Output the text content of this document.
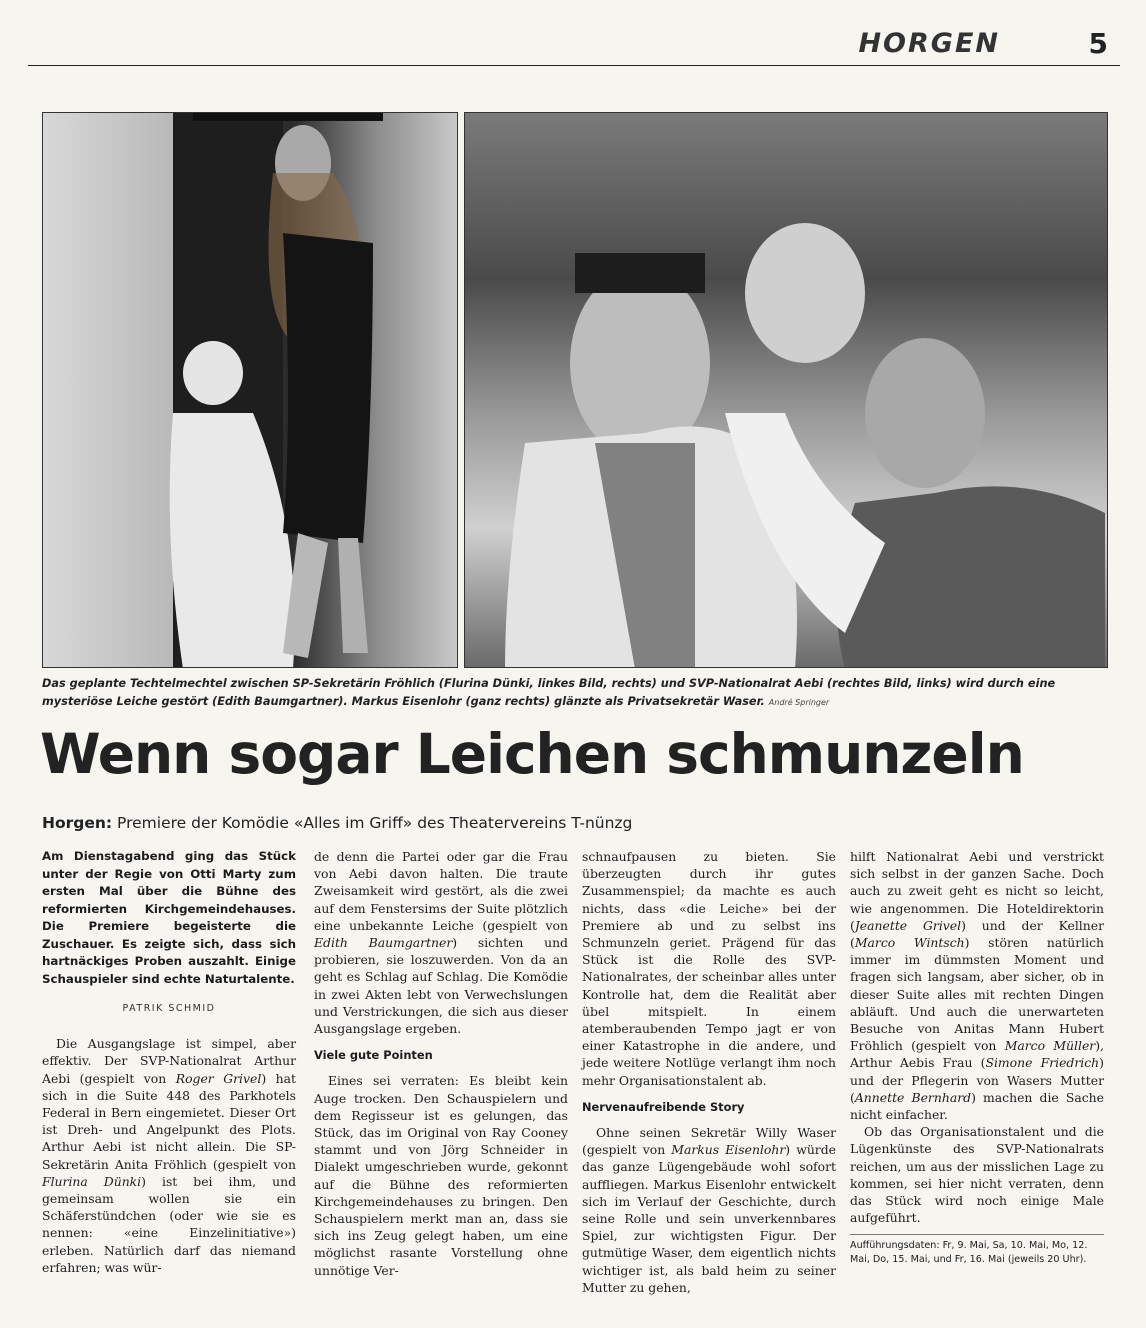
HORGEN	5
Das geplante Techtelmechtel zwischen SP-Sekretärin Fröhlich (Flurina Dünki, linkes Bild, rechts) und SVP-Nationalrat Aebi (rechtes Bild, links) wird durch eine mysteriöse Leiche gestört (Edith Baumgartner). Markus Eisenlohr (ganz rechts) glänzte als Privatsekretär Waser. André Springer
Wenn sogar Leichen schmunzeln
Horgen: Premiere der Komödie «Alles im Griff» des Theatervereins T-nünzg

Am Dienstagabend ging das Stück unter der Regie von Otti Marty zum ersten Mal über die Bühne des reformierten Kirchgemeindehauses. Die Premiere begeisterte die Zuschauer. Es zeigte sich, dass sich hartnäckiges Proben auszahlt. Einige Schauspieler sind echte Naturtalente.

PATRIK SCHMID

Die Ausgangslage ist simpel, aber effektiv. Der SVP-Nationalrat Arthur Aebi (gespielt von Roger Grivel) hat sich in die Suite 448 des Parkhotels Federal in Bern eingemietet. Dieser Ort ist Dreh- und Angelpunkt des Plots. Arthur Aebi ist nicht allein. Die SP-Sekretärin Anita Fröhlich (gespielt von Flurina Dünki) ist bei ihm, und gemeinsam wollen sie ein Schäferstündchen (oder wie sie es nennen: «eine Einzelinitiative») erleben. Natürlich darf das niemand erfahren; was wür-

de denn die Partei oder gar die Frau von Aebi davon halten. Die traute Zweisamkeit wird gestört, als die zwei auf dem Fenstersims der Suite plötzlich eine unbekannte Leiche (gespielt von Edith Baumgartner) sichten und probieren, sie loszuwerden. Von da an geht es Schlag auf Schlag. Die Komödie in zwei Akten lebt von Verwechslungen und Verstrickungen, die sich aus dieser Ausgangslage ergeben.

Viele gute Pointen

Eines sei verraten: Es bleibt kein Auge trocken. Den Schauspielern und dem Regisseur ist es gelungen, das Stück, das im Original von Ray Cooney stammt und von Jörg Schneider in Dialekt umgeschrieben wurde, gekonnt auf die Bühne des reformierten Kirchgemeindehauses zu bringen. Den Schauspielern merkt man an, dass sie sich ins Zeug gelegt haben, um eine möglichst rasante Vorstellung ohne unnötige Ver-

schnaufpausen zu bieten. Sie überzeugten durch ihr gutes Zusammenspiel; da machte es auch nichts, dass «die Leiche» bei der Premiere ab und zu selbst ins Schmunzeln geriet. Prägend für das Stück ist die Rolle des SVP-Nationalrates, der scheinbar alles unter Kontrolle hat, dem die Realität aber übel mitspielt. In einem atemberaubenden Tempo jagt er von einer Katastrophe in die andere, und jede weitere Notlüge verlangt ihm noch mehr Organisationstalent ab.

Nervenaufreibende Story

Ohne seinen Sekretär Willy Waser (gespielt von Markus Eisenlohr) würde das ganze Lügengebäude wohl sofort auffliegen. Markus Eisenlohr entwickelt sich im Verlauf der Geschichte, durch seine Rolle und sein unverkennbares Spiel, zur wichtigsten Figur. Der gutmütige Waser, dem eigentlich nichts wichtiger ist, als bald heim zu seiner Mutter zu gehen,

hilft Nationalrat Aebi und verstrickt sich selbst in der ganzen Sache. Doch auch zu zweit geht es nicht so leicht, wie angenommen. Die Hoteldirektorin (Jeanette Grivel) und der Kellner (Marco Wintsch) stören natürlich immer im dümmsten Moment und fragen sich langsam, aber sicher, ob in dieser Suite alles mit rechten Dingen abläuft. Und auch die unerwarteten Besuche von Anitas Mann Hubert Fröhlich (gespielt von Marco Müller), Arthur Aebis Frau (Simone Friedrich) und der Pflegerin von Wasers Mutter (Annette Bernhard) machen die Sache nicht einfacher.

Ob das Organisationstalent und die Lügenkünste des SVP-Nationalrats reichen, um aus der misslichen Lage zu kommen, sei hier nicht verraten, denn das Stück wird noch einige Male aufgeführt.

Aufführungsdaten: Fr, 9. Mai, Sa, 10. Mai, Mo, 12. Mai, Do, 15. Mai, und Fr, 16. Mai (jeweils 20 Uhr).
